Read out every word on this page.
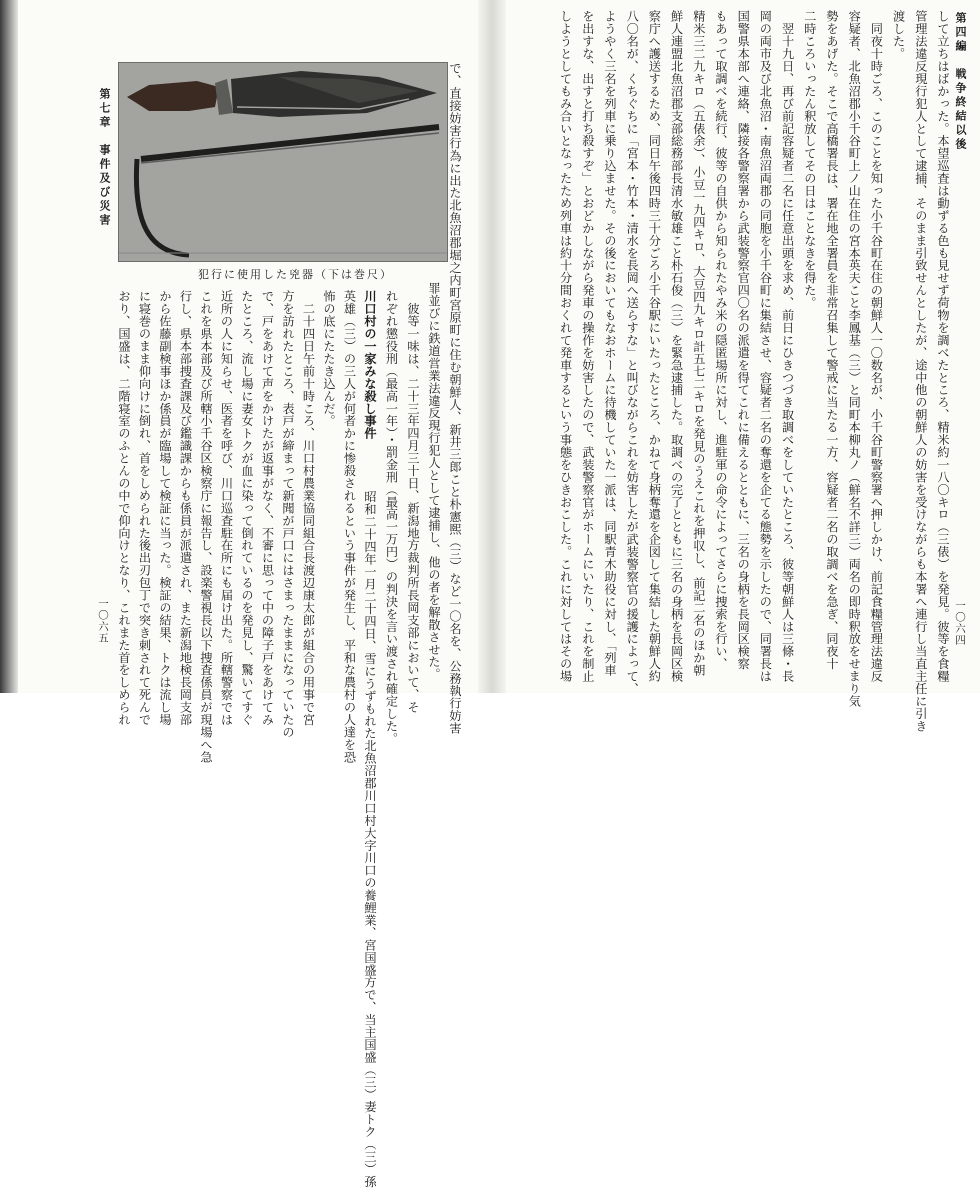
第四編　戦争終結以後
一〇六四
して立ちはばかった。本望巡査は動ずる色も見せず荷物を調べたところ、精米約一八〇キロ（三俵）を発見。彼等を食糧
管理法違反現行犯人として逮捕、そのまま引致せんとしたが、途中他の朝鮮人の妨害を受けながらも本署へ連行し当直主任に引き
渡した。
　同夜十時ごろ、このことを知った小千谷町在住の朝鮮人一〇数名が、小千谷町警察署へ押しかけ、前記食糧管理法違反
容疑者、北魚沼郡小千谷町上ノ山在住の宮本英夫こと李鳳基（三）と同町本柳丸ノ（鮮名不詳三）両名の即時釈放をせまり気
勢をあげた。そこで高橋署長は、署在地全署員を非常召集して警戒に当たる一方、容疑者二名の取調べを急ぎ、同夜十
二時ころいったん釈放してその日はことなきを得た。
　翌十九日、再び前記容疑者二名に任意出頭を求め、前日にひきつづき取調べをしていたところ、彼等朝鮮人は三條・長
岡の両市及び北魚沼・南魚沼両郡の同胞を小千谷町に集結させ、容疑者二名の奪還を企てる態勢を示したので、同署長は
国警県本部へ連絡、隣接各警察署から武装警察官四〇名の派遣を得てこれに備えるとともに、三名の身柄を長岡区検察
もあって取調べを続行、彼等の自供から知られたやみ米の隠匿場所に対し、進駐軍の命令によってさらに捜索を行い、
精米三二九キロ（五俵余）、小豆一九四キロ、大豆四九キロ計五七二キロを発見のうえこれを押収し、前記二名のほか朝
鮮人連盟北魚沼郡支部総務部長清水敏雄こと朴石俊（三）を緊急逮捕した。取調べの完了とともに三名の身柄を長岡区検
察庁へ護送するため、同日午後四時三十分ごろ小千谷駅にいたったところ、かねて身柄奪還を企図して集結した朝鮮人約
八〇名が、くちぐちに「宮本・竹本・清水を長岡へ送らすな」と叫びながらこれを妨害したが武装警察官の援護によって、
ようやく三名を列車に乗り込ませた。その後においてもなおホームに待機していた一派は、同駅青木助役に対し、「列車
を出すな、出すと打ち殺すぞ」とおどかしながら発車の操作を妨害したので、武装警察官がホームにいたり、これを制止
しようとしてもみ合いとなったため列車は約十分間おくれて発車するという事態をひきおこした。これに対してはその場
第七章　事件及び災害
一〇六五
犯行に使用した兇器（下は巻尺）	で、直接妨害行為に出た北魚沼郡堀之内町宮原町に住む朝鮮人、新井三郎こと朴憲煕（三）など一〇名を、公務執行妨害
罪並びに鉄道営業法違反現行犯人として逮捕し、他の者を解散させた。
　彼等一味は、二十三年四月三十日、新潟地方裁判所長岡支部において、そ
れぞれ懲役刑（最高一年）・罰金刑（最高一万円）の判決を言い渡され確定した。
川口村の一家みな殺し事件
　昭和二十四年一月二十四日、雪にうずもれた北魚沼郡川口村大字川口の養鯉業、宮国盛方で、当主国盛（三）妻トク（三）孫
英雄（三）の三人が何者かに惨殺されるという事件が発生し、平和な農村の人達を恐
怖の底にたたき込んだ。
　二十四日午前十時ころ、川口村農業協同組合長渡辺康太郎が組合の用事で宮
方を訪れたところ、表戸が締まって新聞が戸口にはさまったままになっていたの
で、戸をあけて声をかけたが返事がなく、不審に思って中の障子戸をあけてみ
たところ、流し場に妻女トクが血に染って倒れているのを発見し、驚いてすぐ
近所の人に知らせ、医者を呼び、川口巡査駐在所にも届け出た。所轄警察では
これを県本部及び所轄小千谷区検察庁に報告し、設楽警視長以下捜査係員が現場へ急
行し、県本部捜査課及び鑑識課からも係員が派遣され、また新潟地検長岡支部
から佐藤副検事ほか係員が臨場して検証に当った。検証の結果、トクは流し場
に寝巻のまま仰向けに倒れ、首をしめられた後出刃包丁で突き刺されて死んで
おり、国盛は、二階寝室のふとんの中で仰向けとなり、これまた首をしめられ
